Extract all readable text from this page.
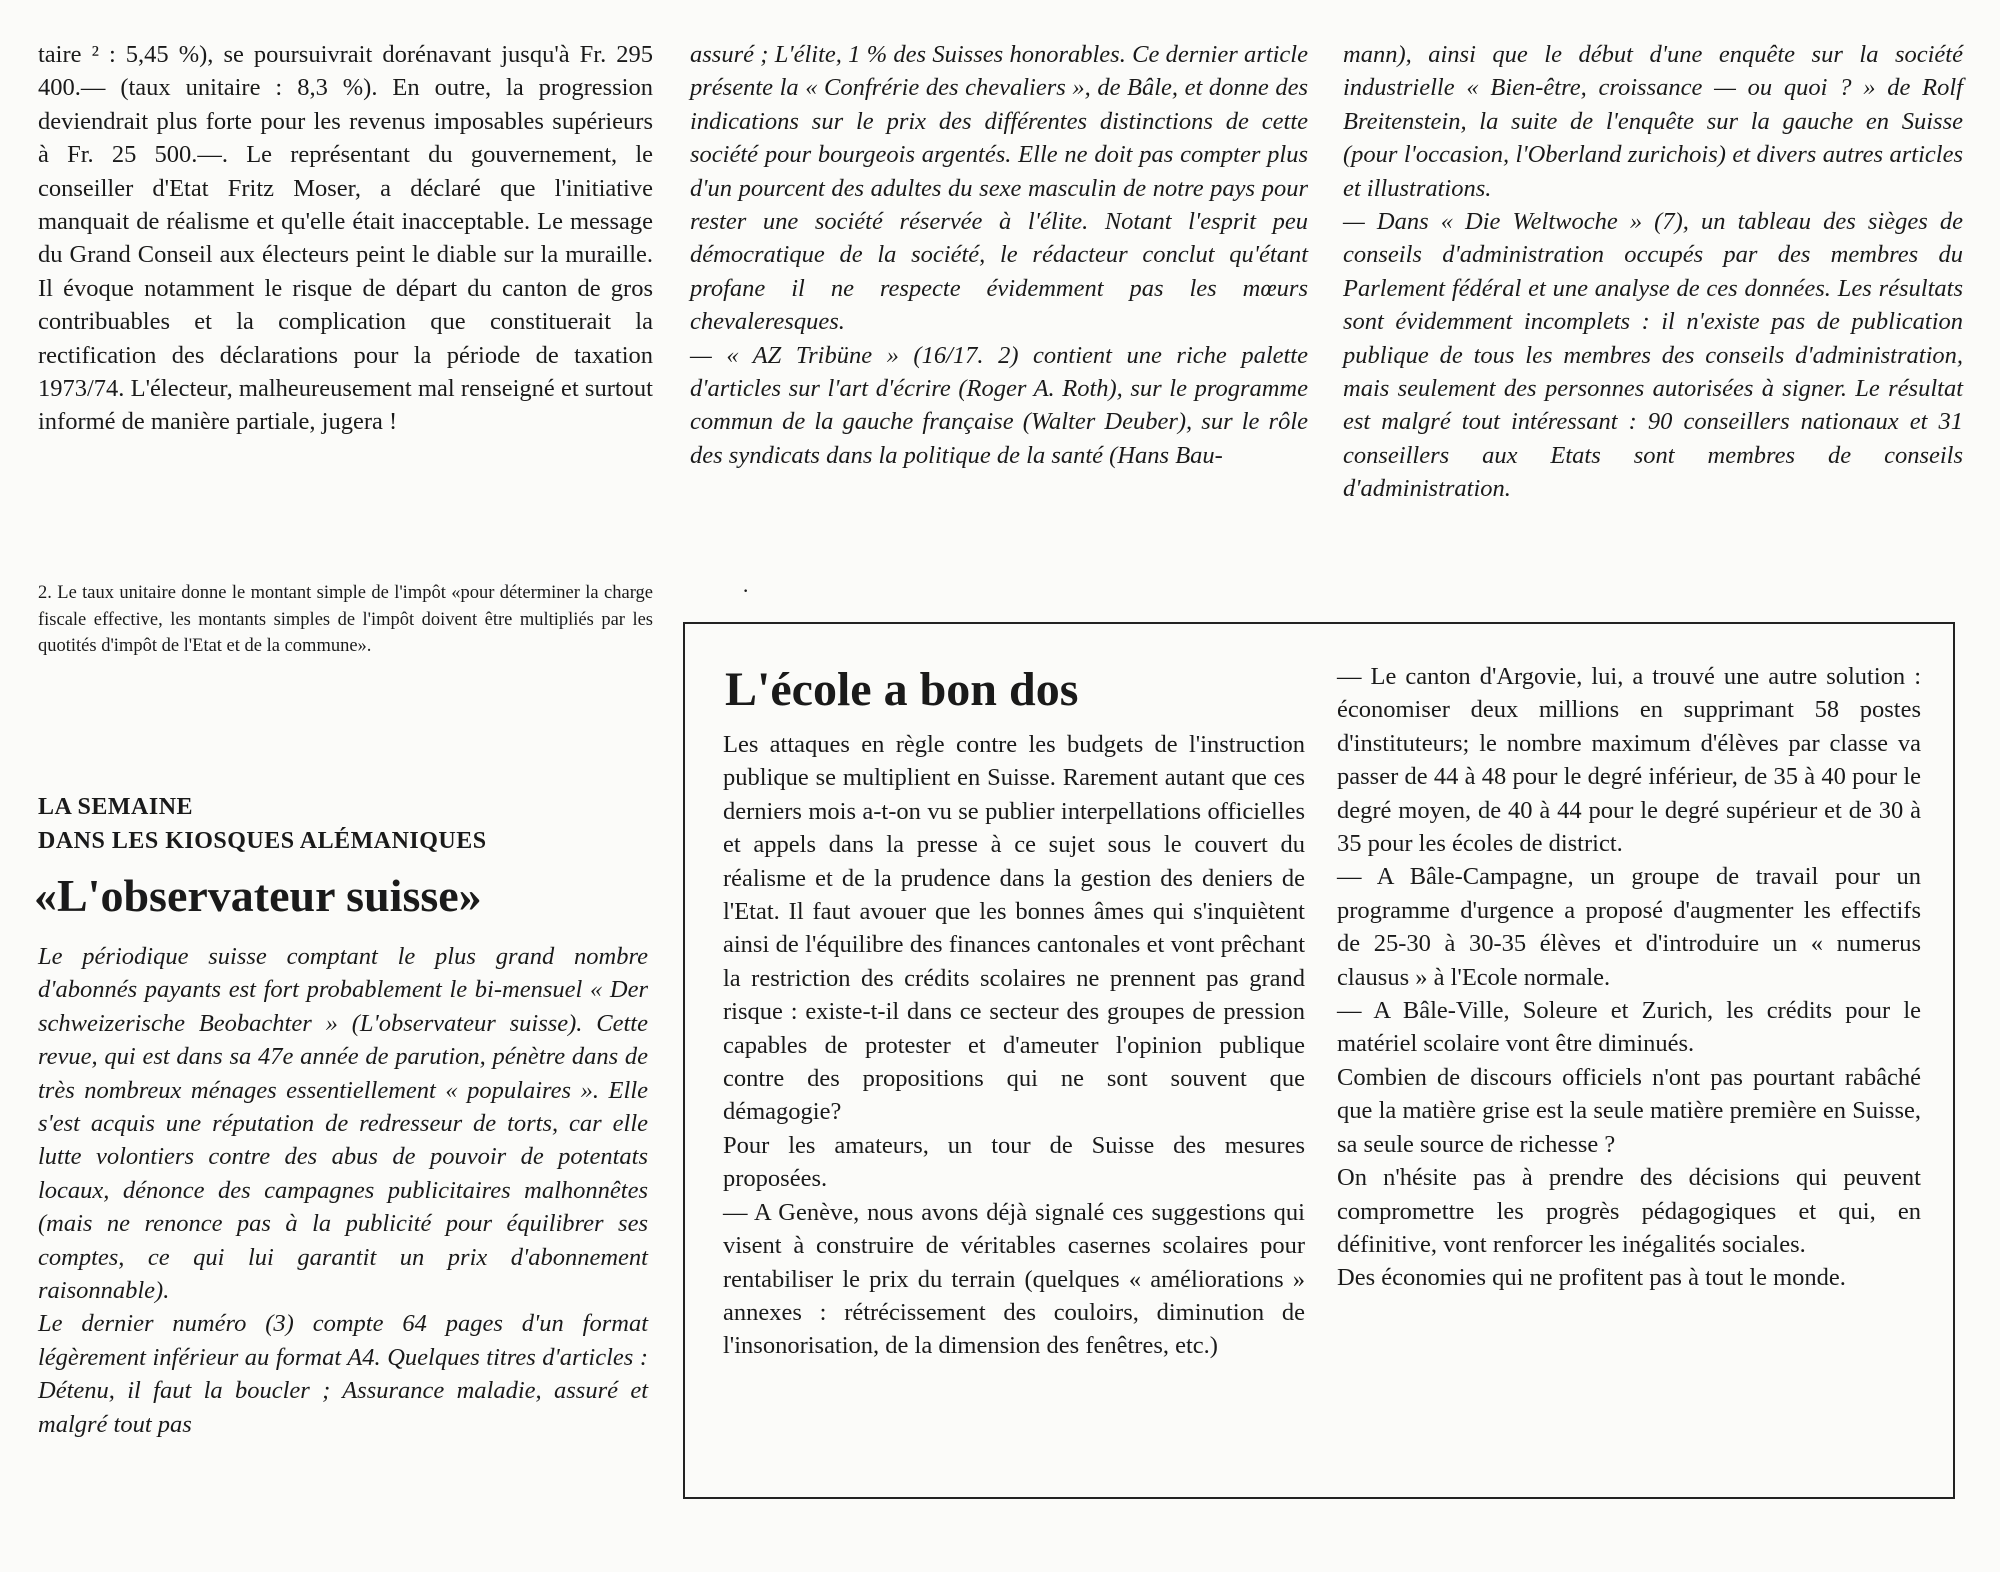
taire ² : 5,45 %), se poursuivrait dorénavant jusqu'à Fr. 295 400.— (taux unitaire : 8,3 %). En outre, la progression deviendrait plus forte pour les revenus imposables supérieurs à Fr. 25 500.—. Le représentant du gouvernement, le conseiller d'Etat Fritz Moser, a déclaré que l'initiative manquait de réalisme et qu'elle était inacceptable. Le message du Grand Conseil aux électeurs peint le diable sur la muraille. Il évoque notamment le risque de départ du canton de gros contribuables et la complication que constituerait la rectification des déclarations pour la période de taxation 1973/74. L'électeur, malheureusement mal renseigné et surtout informé de manière partiale, jugera !

2. Le taux unitaire donne le montant simple de l'impôt «pour déterminer la charge fiscale effective, les montants simples de l'impôt doivent être multipliés par les quotités d'impôt de l'Etat et de la commune».

LA SEMAINE
DANS LES KIOSQUES ALÉMANIQUES
«L'observateur suisse»

Le périodique suisse comptant le plus grand nombre d'abonnés payants est fort probablement le bi-mensuel « Der schweizerische Beobachter » (L'observateur suisse). Cette revue, qui est dans sa 47e année de parution, pénètre dans de très nombreux ménages essentiellement « populaires ». Elle s'est acquis une réputation de redresseur de torts, car elle lutte volontiers contre des abus de pouvoir de potentats locaux, dénonce des campagnes publicitaires malhonnêtes (mais ne renonce pas à la publicité pour équilibrer ses comptes, ce qui lui garantit un prix d'abonnement raisonnable).

Le dernier numéro (3) compte 64 pages d'un format légèrement inférieur au format A4. Quelques titres d'articles : Détenu, il faut la boucler ; Assurance maladie, assuré et malgré tout pas

assuré ; L'élite, 1 % des Suisses honorables. Ce dernier article présente la « Confrérie des chevaliers », de Bâle, et donne des indications sur le prix des différentes distinctions de cette société pour bourgeois argentés. Elle ne doit pas compter plus d'un pourcent des adultes du sexe masculin de notre pays pour rester une société réservée à l'élite. Notant l'esprit peu démocratique de la société, le rédacteur conclut qu'étant profane il ne respecte évidemment pas les mœurs chevaleresques.

— « AZ Tribüne » (16/17. 2) contient une riche palette d'articles sur l'art d'écrire (Roger A. Roth), sur le programme commun de la gauche française (Walter Deuber), sur le rôle des syndicats dans la politique de la santé (Hans Bau-

·

mann), ainsi que le début d'une enquête sur la société industrielle « Bien-être, croissance — ou quoi ? » de Rolf Breitenstein, la suite de l'enquête sur la gauche en Suisse (pour l'occasion, l'Oberland zurichois) et divers autres articles et illustrations.

— Dans « Die Weltwoche » (7), un tableau des sièges de conseils d'administration occupés par des membres du Parlement fédéral et une analyse de ces données. Les résultats sont évidemment incomplets : il n'existe pas de publication publique de tous les membres des conseils d'administration, mais seulement des personnes autorisées à signer. Le résultat est malgré tout intéressant : 90 conseillers nationaux et 31 conseillers aux Etats sont membres de conseils d'administration.

L'école a bon dos

Les attaques en règle contre les budgets de l'instruction publique se multiplient en Suisse. Rarement autant que ces derniers mois a-t-on vu se publier interpellations officielles et appels dans la presse à ce sujet sous le couvert du réalisme et de la prudence dans la gestion des deniers de l'Etat. Il faut avouer que les bonnes âmes qui s'inquiètent ainsi de l'équilibre des finances cantonales et vont prêchant la restriction des crédits scolaires ne prennent pas grand risque : existe-t-il dans ce secteur des groupes de pression capables de protester et d'ameuter l'opinion publique contre des propositions qui ne sont souvent que démagogie?

Pour les amateurs, un tour de Suisse des mesures proposées.

— A Genève, nous avons déjà signalé ces suggestions qui visent à construire de véritables casernes scolaires pour rentabiliser le prix du terrain (quelques « améliorations » annexes : rétrécissement des couloirs, diminution de l'insonorisation, de la dimension des fenêtres, etc.)

— Le canton d'Argovie, lui, a trouvé une autre solution : économiser deux millions en supprimant 58 postes d'instituteurs; le nombre maximum d'élèves par classe va passer de 44 à 48 pour le degré inférieur, de 35 à 40 pour le degré moyen, de 40 à 44 pour le degré supérieur et de 30 à 35 pour les écoles de district.

— A Bâle-Campagne, un groupe de travail pour un programme d'urgence a proposé d'augmenter les effectifs de 25-30 à 30-35 élèves et d'introduire un « numerus clausus » à l'Ecole normale.

— A Bâle-Ville, Soleure et Zurich, les crédits pour le matériel scolaire vont être diminués.

Combien de discours officiels n'ont pas pourtant rabâché que la matière grise est la seule matière première en Suisse, sa seule source de richesse ?

On n'hésite pas à prendre des décisions qui peuvent compromettre les progrès pédagogiques et qui, en définitive, vont renforcer les inégalités sociales.

Des économies qui ne profitent pas à tout le monde.
